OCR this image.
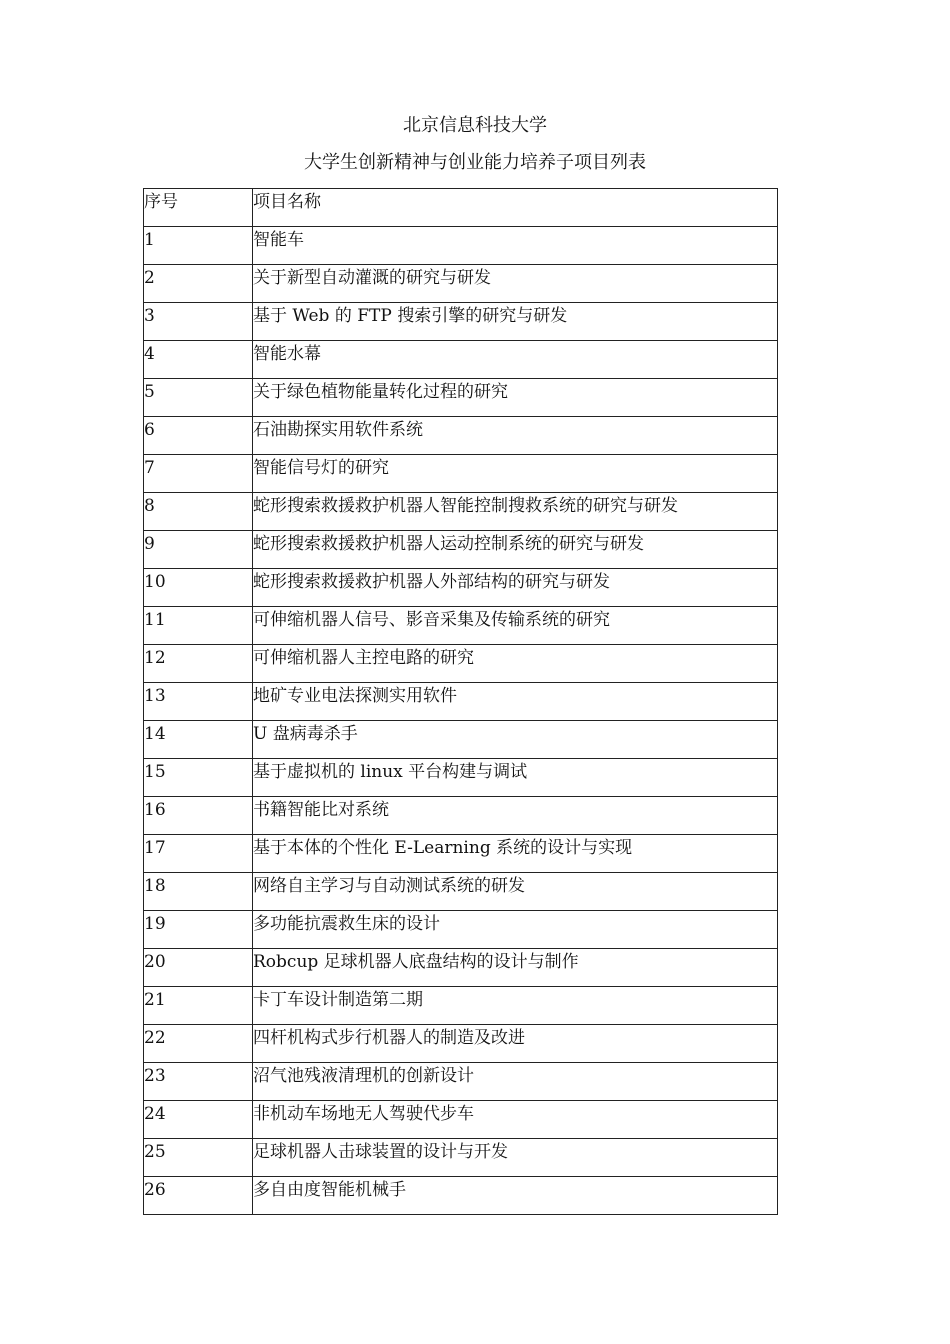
北京信息科技大学
大学生创新精神与创业能力培养子项目列表
序号	项目名称
1	智能车
2	关于新型自动灌溉的研究与研发
3	基于 Web 的 FTP 搜索引擎的研究与研发
4	智能水幕
5	关于绿色植物能量转化过程的研究
6	石油勘探实用软件系统
7	智能信号灯的研究
8	蛇形搜索救援救护机器人智能控制搜救系统的研究与研发
9	蛇形搜索救援救护机器人运动控制系统的研究与研发
10	蛇形搜索救援救护机器人外部结构的研究与研发
11	可伸缩机器人信号、影音采集及传输系统的研究
12	可伸缩机器人主控电路的研究
13	地矿专业电法探测实用软件
14	U 盘病毒杀手
15	基于虚拟机的 linux 平台构建与调试
16	书籍智能比对系统
17	基于本体的个性化 E-Learning 系统的设计与实现
18	网络自主学习与自动测试系统的研发
19	多功能抗震救生床的设计
20	Robcup 足球机器人底盘结构的设计与制作
21	卡丁车设计制造第二期
22	四杆机构式步行机器人的制造及改进
23	沼气池残液清理机的创新设计
24	非机动车场地无人驾驶代步车
25	足球机器人击球装置的设计与开发
26	多自由度智能机械手
